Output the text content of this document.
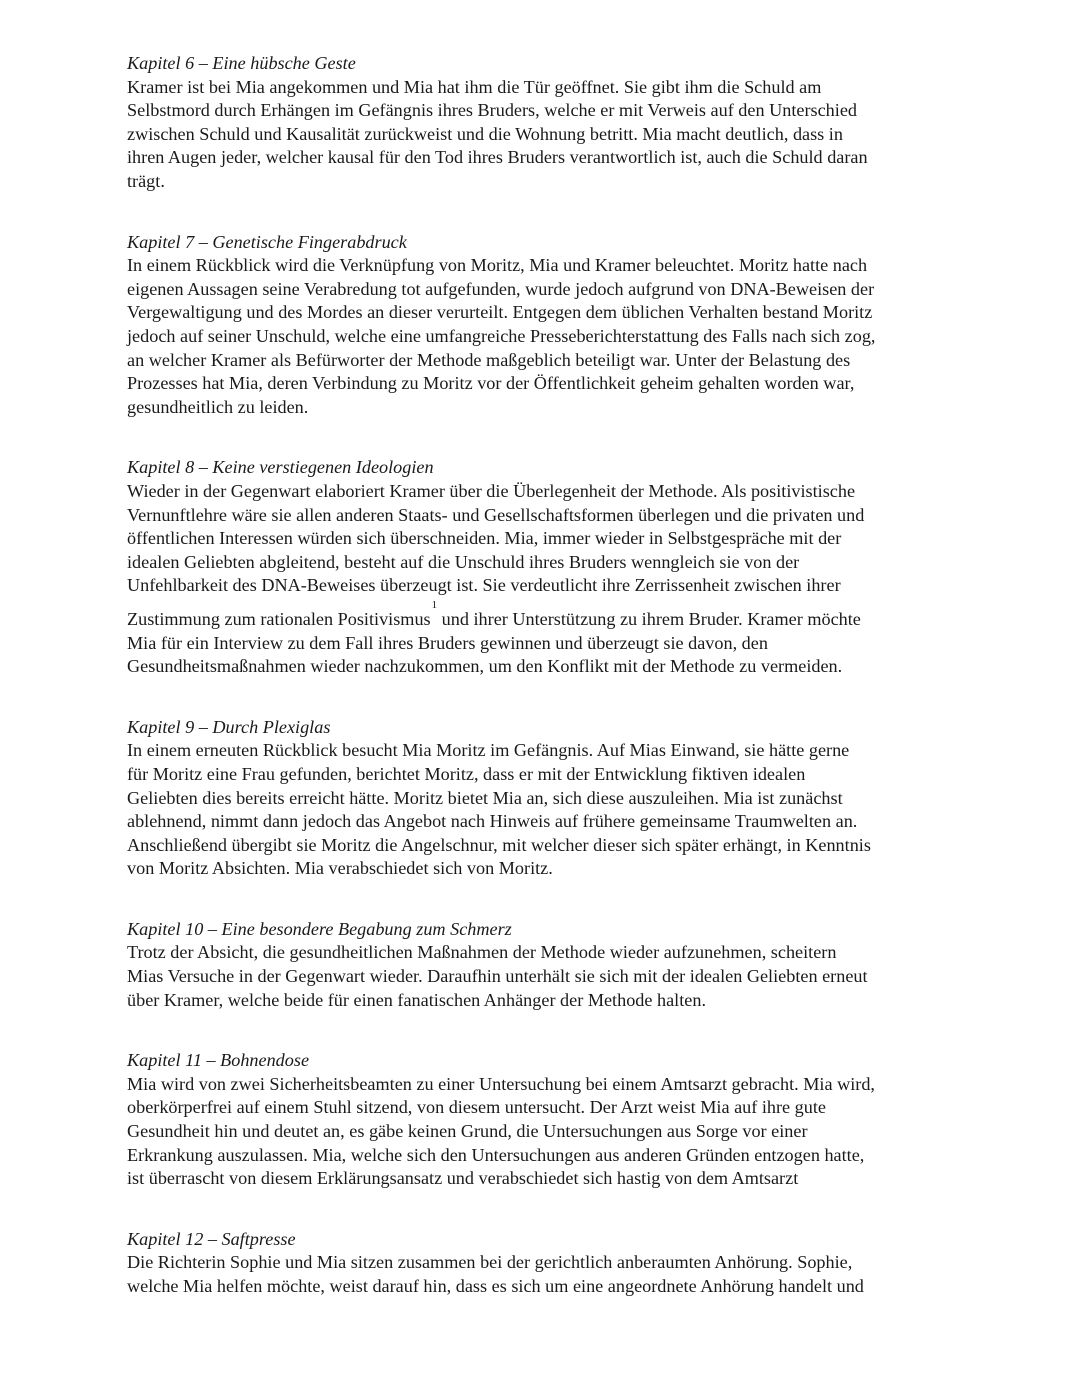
Kapitel 6 – Eine hübsche Geste
Kramer ist bei Mia angekommen und Mia hat ihm die Tür geöffnet. Sie gibt ihm die Schuld am
Selbstmord durch Erhängen im Gefängnis ihres Bruders, welche er mit Verweis auf den Unterschied
zwischen Schuld und Kausalität zurückweist und die Wohnung betritt. Mia macht deutlich, dass in
ihren Augen jeder, welcher kausal für den Tod ihres Bruders verantwortlich ist, auch die Schuld daran
trägt.
Kapitel 7 – Genetische Fingerabdruck
In einem Rückblick wird die Verknüpfung von Moritz, Mia und Kramer beleuchtet. Moritz hatte nach
eigenen Aussagen seine Verabredung tot aufgefunden, wurde jedoch aufgrund von DNA-Beweisen der
Vergewaltigung und des Mordes an dieser verurteilt. Entgegen dem üblichen Verhalten bestand Moritz
jedoch auf seiner Unschuld, welche eine umfangreiche Presseberichterstattung des Falls nach sich zog,
an welcher Kramer als Befürworter der Methode maßgeblich beteiligt war. Unter der Belastung des
Prozesses hat Mia, deren Verbindung zu Moritz vor der Öffentlichkeit geheim gehalten worden war,
gesundheitlich zu leiden.
Kapitel 8 – Keine verstiegenen Ideologien
Wieder in der Gegenwart elaboriert Kramer über die Überlegenheit der Methode. Als positivistische
Vernunftlehre wäre sie allen anderen Staats- und Gesellschaftsformen überlegen und die privaten und
öffentlichen Interessen würden sich überschneiden. Mia, immer wieder in Selbstgespräche mit der
idealen Geliebten abgleitend, besteht auf die Unschuld ihres Bruders wenngleich sie von der
Unfehlbarkeit des DNA-Beweises überzeugt ist. Sie verdeutlicht ihre Zerrissenheit zwischen ihrer
Zustimmung zum rationalen Positivismus$^1$ und ihrer Unterstützung zu ihrem Bruder. Kramer möchte
Mia für ein Interview zu dem Fall ihres Bruders gewinnen und überzeugt sie davon, den
Gesundheitsmaßnahmen wieder nachzukommen, um den Konflikt mit der Methode zu vermeiden.
Kapitel 9 – Durch Plexiglas
In einem erneuten Rückblick besucht Mia Moritz im Gefängnis. Auf Mias Einwand, sie hätte gerne
für Moritz eine Frau gefunden, berichtet Moritz, dass er mit der Entwicklung fiktiven idealen
Geliebten dies bereits erreicht hätte. Moritz bietet Mia an, sich diese auszuleihen. Mia ist zunächst
ablehnend, nimmt dann jedoch das Angebot nach Hinweis auf frühere gemeinsame Traumwelten an.
Anschließend übergibt sie Moritz die Angelschnur, mit welcher dieser sich später erhängt, in Kenntnis
von Moritz Absichten. Mia verabschiedet sich von Moritz.
Kapitel 10 – Eine besondere Begabung zum Schmerz
Trotz der Absicht, die gesundheitlichen Maßnahmen der Methode wieder aufzunehmen, scheitern
Mias Versuche in der Gegenwart wieder. Daraufhin unterhält sie sich mit der idealen Geliebten erneut
über Kramer, welche beide für einen fanatischen Anhänger der Methode halten.
Kapitel 11 – Bohnendose
Mia wird von zwei Sicherheitsbeamten zu einer Untersuchung bei einem Amtsarzt gebracht. Mia wird,
oberkörperfrei auf einem Stuhl sitzend, von diesem untersucht. Der Arzt weist Mia auf ihre gute
Gesundheit hin und deutet an, es gäbe keinen Grund, die Untersuchungen aus Sorge vor einer
Erkrankung auszulassen. Mia, welche sich den Untersuchungen aus anderen Gründen entzogen hatte,
ist überrascht von diesem Erklärungsansatz und verabschiedet sich hastig von dem Amtsarzt
Kapitel 12 – Saftpresse
Die Richterin Sophie und Mia sitzen zusammen bei der gerichtlich anberaumten Anhörung. Sophie,
welche Mia helfen möchte, weist darauf hin, dass es sich um eine angeordnete Anhörung handelt und
